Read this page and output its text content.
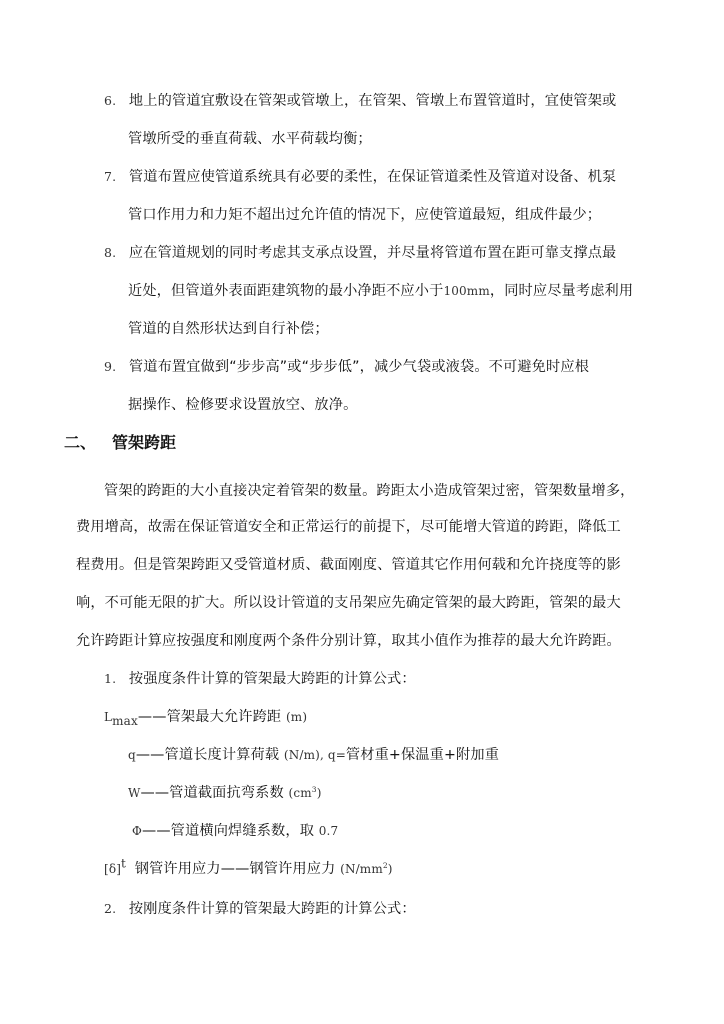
6. 地上的管道宜敷设在管架或管墩上，在管架、管墩上布置管道时，宜使管架或
管墩所受的垂直荷载、水平荷载均衡；
7. 管道布置应使管道系统具有必要的柔性，在保证管道柔性及管道对设备、机泵
管口作用力和力矩不超出过允许值的情况下，应使管道最短，组成件最少；
8. 应在管道规划的同时考虑其支承点设置，并尽量将管道布置在距可靠支撑点最
近处，但管道外表面距建筑物的最小净距不应小于100mm，同时应尽量考虑利用
管道的自然形状达到自行补偿；
9. 管道布置宜做到“步步高”或“步步低”，减少气袋或液袋。不可避免时应根
据操作、检修要求设置放空、放净。
二、 管架跨距
管架的跨距的大小直接决定着管架的数量。跨距太小造成管架过密，管架数量增多，
费用增高，故需在保证管道安全和正常运行的前提下，尽可能增大管道的跨距，降低工
程费用。但是管架跨距又受管道材质、截面刚度、管道其它作用何载和允许挠度等的影
响，不可能无限的扩大。所以设计管道的支吊架应先确定管架的最大跨距，管架的最大
允许跨距计算应按强度和刚度两个条件分别计算，取其小值作为推荐的最大允许跨距。
1. 按强度条件计算的管架最大跨距的计算公式：
$L_{max}——$管架最大允许跨距 (m)
q——管道长度计算荷载 (N/m), q=管材重+保温重+附加重
W——管道截面抗弯系数 $(cm^3)$
Φ——管道横向焊缝系数，取 0.7
$[\delta]^t$ 钢管许用应力——钢管许用应力 $(N/mm^2)$
2. 按刚度条件计算的管架最大跨距的计算公式：
